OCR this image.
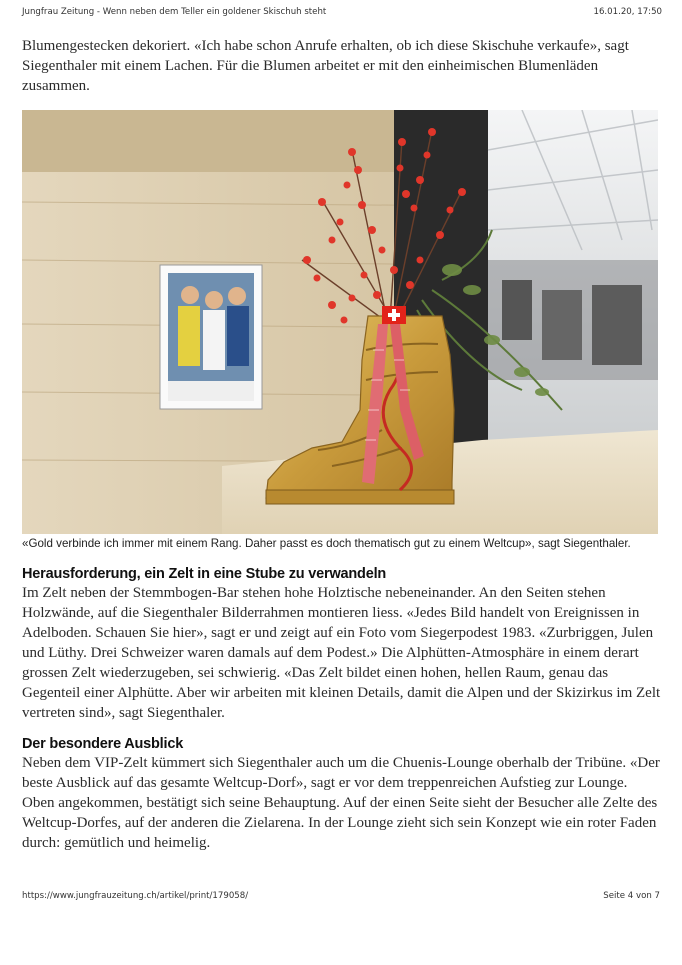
Jungfrau Zeitung - Wenn neben dem Teller ein goldener Skischuh steht	16.01.20, 17:50
Blumengestecken dekoriert. «Ich habe schon Anrufe erhalten, ob ich diese Skischuhe verkaufe», sagt Siegenthaler mit einem Lachen. Für die Blumen arbeitet er mit den einheimischen Blumenläden zusammen.
«Gold verbinde ich immer mit einem Rang. Daher passt es doch thematisch gut zu einem Weltcup», sagt Siegenthaler.
Herausforderung, ein Zelt in eine Stube zu verwandeln
Im Zelt neben der Stemmbogen-Bar stehen hohe Holztische nebeneinander. An den Seiten stehen Holzwände, auf die Siegenthaler Bilderrahmen montieren liess. «Jedes Bild handelt von Ereignissen in Adelboden. Schauen Sie hier», sagt er und zeigt auf ein Foto vom Siegerpodest 1983. «Zurbriggen, Julen und Lüthy. Drei Schweizer waren damals auf dem Podest.» Die Alphütten-Atmosphäre in einem derart grossen Zelt wiederzugeben, sei schwierig. «Das Zelt bildet einen hohen, hellen Raum, genau das Gegenteil einer Alphütte. Aber wir arbeiten mit kleinen Details, damit die Alpen und der Skizirkus im Zelt vertreten sind», sagt Siegenthaler.
Der besondere Ausblick
Neben dem VIP-Zelt kümmert sich Siegenthaler auch um die Chuenis-Lounge oberhalb der Tribüne. «Der beste Ausblick auf das gesamte Weltcup-Dorf», sagt er vor dem treppenreichen Aufstieg zur Lounge. Oben angekommen, bestätigt sich seine Behauptung. Auf der einen Seite sieht der Besucher alle Zelte des Weltcup-Dorfes, auf der anderen die Zielarena. In der Lounge zieht sich sein Konzept wie ein roter Faden durch: gemütlich und heimelig.
https://www.jungfrauzeitung.ch/artikel/print/179058/	Seite 4 von 7
